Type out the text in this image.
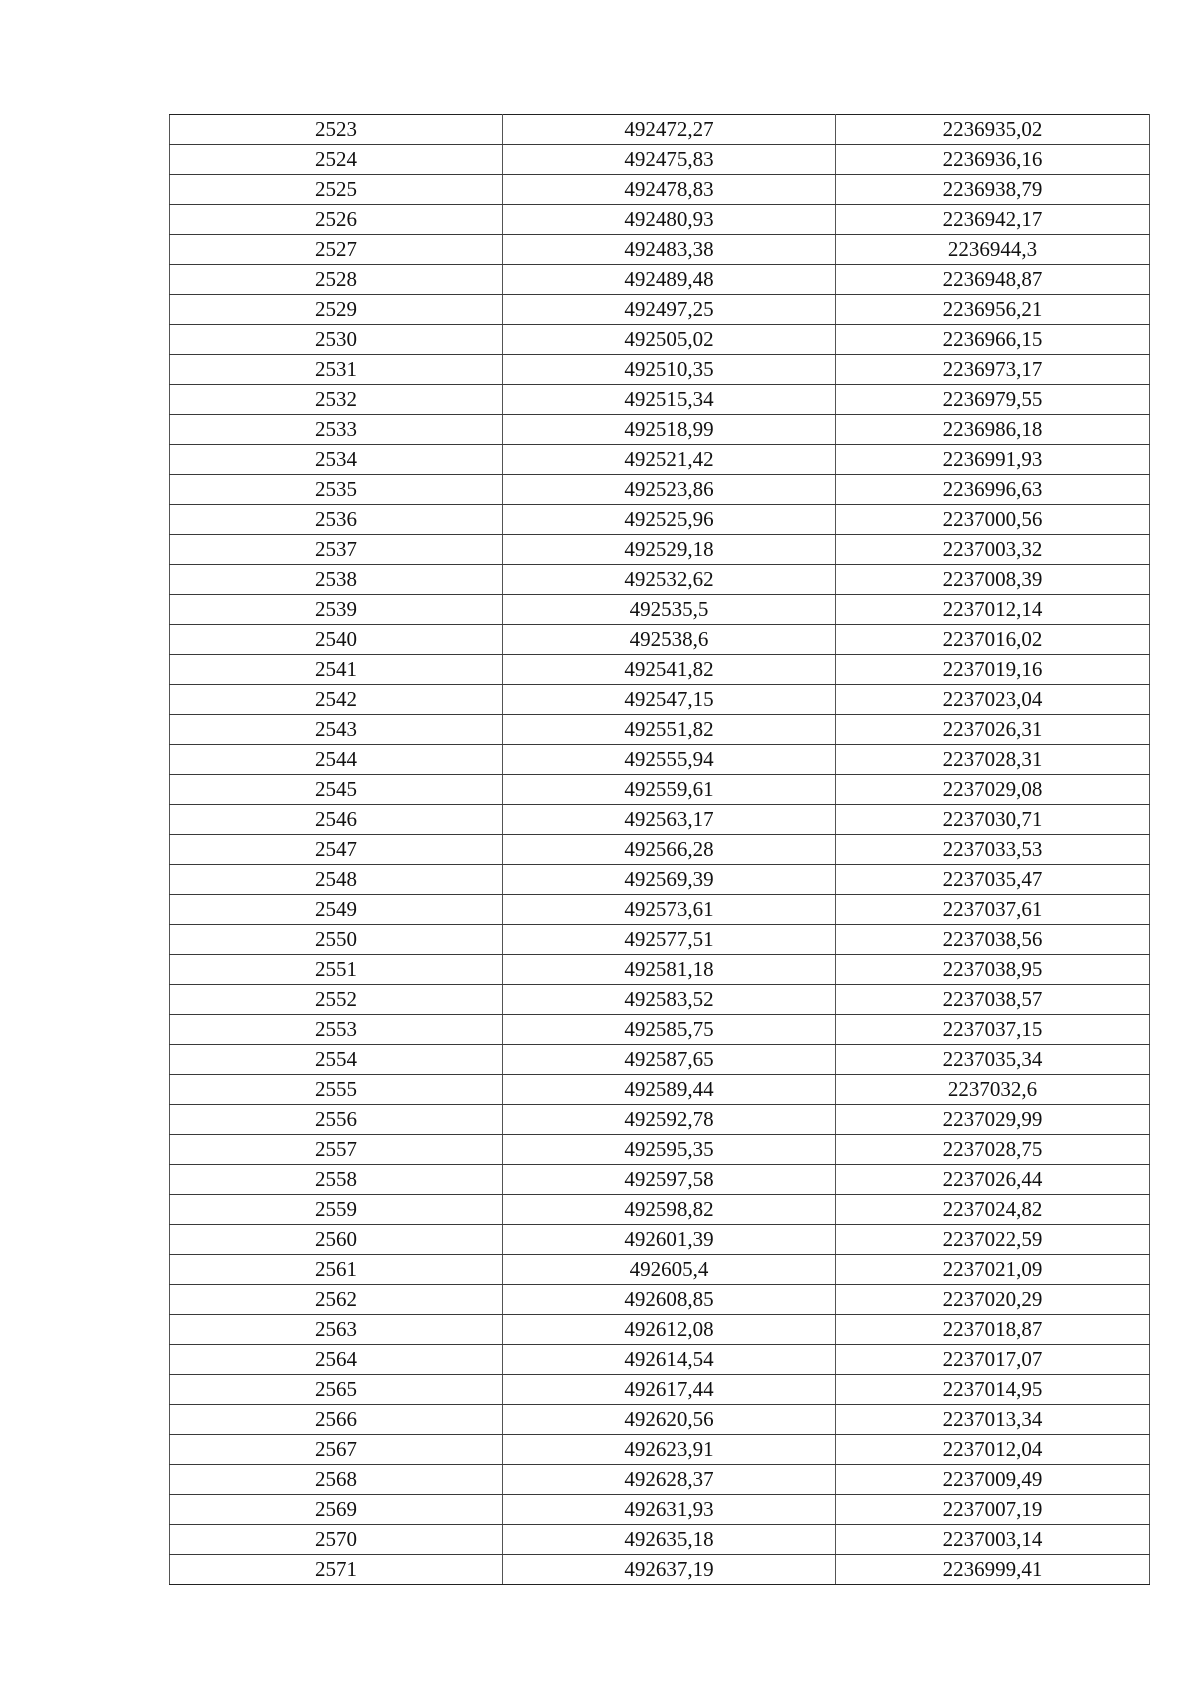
2523	492472,27	2236935,02
2524	492475,83	2236936,16
2525	492478,83	2236938,79
2526	492480,93	2236942,17
2527	492483,38	2236944,3
2528	492489,48	2236948,87
2529	492497,25	2236956,21
2530	492505,02	2236966,15
2531	492510,35	2236973,17
2532	492515,34	2236979,55
2533	492518,99	2236986,18
2534	492521,42	2236991,93
2535	492523,86	2236996,63
2536	492525,96	2237000,56
2537	492529,18	2237003,32
2538	492532,62	2237008,39
2539	492535,5	2237012,14
2540	492538,6	2237016,02
2541	492541,82	2237019,16
2542	492547,15	2237023,04
2543	492551,82	2237026,31
2544	492555,94	2237028,31
2545	492559,61	2237029,08
2546	492563,17	2237030,71
2547	492566,28	2237033,53
2548	492569,39	2237035,47
2549	492573,61	2237037,61
2550	492577,51	2237038,56
2551	492581,18	2237038,95
2552	492583,52	2237038,57
2553	492585,75	2237037,15
2554	492587,65	2237035,34
2555	492589,44	2237032,6
2556	492592,78	2237029,99
2557	492595,35	2237028,75
2558	492597,58	2237026,44
2559	492598,82	2237024,82
2560	492601,39	2237022,59
2561	492605,4	2237021,09
2562	492608,85	2237020,29
2563	492612,08	2237018,87
2564	492614,54	2237017,07
2565	492617,44	2237014,95
2566	492620,56	2237013,34
2567	492623,91	2237012,04
2568	492628,37	2237009,49
2569	492631,93	2237007,19
2570	492635,18	2237003,14
2571	492637,19	2236999,41
